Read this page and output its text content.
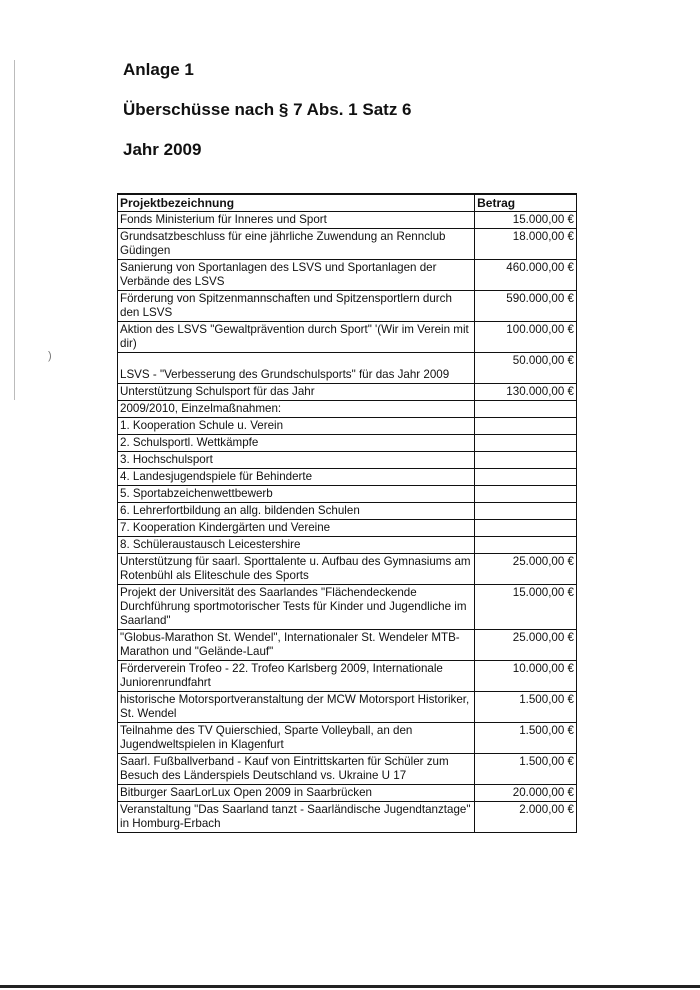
)
Anlage 1
Überschüsse nach § 7 Abs. 1 Satz 6
Jahr 2009
Projektbezeichnung	Betrag
Fonds Ministerium für Inneres und Sport	15.000,00 €
Grundsatzbeschluss für eine jährliche Zuwendung an Rennclub Güdingen	18.000,00 €
Sanierung von Sportanlagen des LSVS und Sportanlagen der Verbände des LSVS	460.000,00 €
Förderung von Spitzenmannschaften und Spitzensportlern durch den LSVS	590.000,00 €
Aktion des LSVS "Gewaltprävention durch Sport" '(Wir im Verein mit dir)	100.000,00 €

LSVS - "Verbesserung des Grundschulsports" für das Jahr 2009	50.000,00 €
Unterstützung Schulsport für das Jahr	130.000,00 €
2009/2010, Einzelmaßnahmen:	
1. Kooperation Schule u. Verein	
2. Schulsportl. Wettkämpfe	
3. Hochschulsport	
4. Landesjugendspiele für Behinderte	
5. Sportabzeichenwettbewerb	
6. Lehrerfortbildung an allg. bildenden Schulen	
7. Kooperation Kindergärten und Vereine	
8. Schüleraustausch Leicestershire	
Unterstützung für saarl. Sporttalente u. Aufbau des Gymnasiums am Rotenbühl als Eliteschule des Sports	25.000,00 €
Projekt der Universität des Saarlandes "Flächendeckende Durchführung sportmotorischer Tests für Kinder und Jugendliche im Saarland"	15.000,00 €
"Globus-Marathon St. Wendel", Internationaler St. Wendeler MTB-Marathon und "Gelände-Lauf"	25.000,00 €
Förderverein Trofeo - 22. Trofeo Karlsberg 2009, Internationale Juniorenrundfahrt	10.000,00 €
historische Motorsportveranstaltung der MCW Motorsport Historiker, St. Wendel	1.500,00 €
Teilnahme des TV Quierschied, Sparte Volleyball, an den Jugendweltspielen in Klagenfurt	1.500,00 €
Saarl. Fußballverband - Kauf von Eintrittskarten für Schüler zum Besuch des Länderspiels Deutschland vs. Ukraine U 17	1.500,00 €
Bitburger SaarLorLux Open 2009 in Saarbrücken	20.000,00 €
Veranstaltung "Das Saarland tanzt - Saarländische Jugendtanztage" in Homburg-Erbach	2.000,00 €
